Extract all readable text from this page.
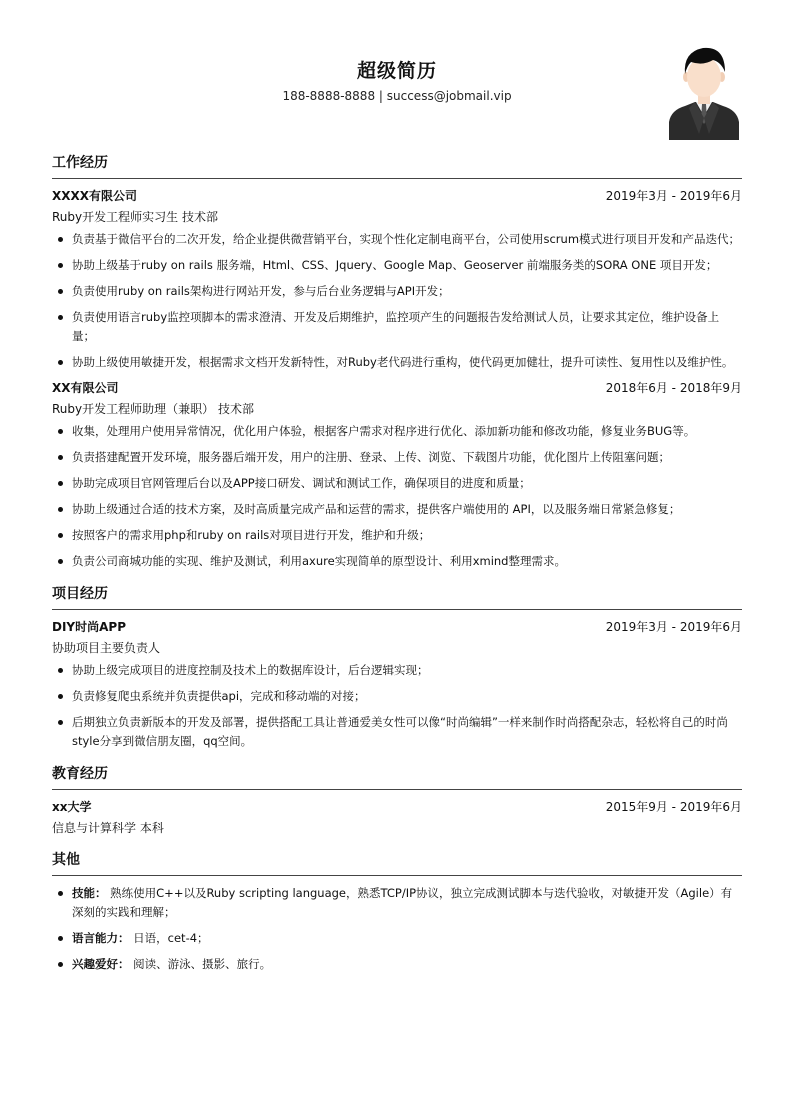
超级简历
188-8888-8888 | success@jobmail.vip
工作经历
XXXX有限公司	2019年3月 - 2019年6月
Ruby开发工程师实习生 技术部
负责基于微信平台的二次开发，给企业提供微营销平台，实现个性化定制电商平台，公司使用scrum模式进行项目开发和产品迭代；
协助上级基于ruby on rails 服务端，Html、CSS、Jquery、Google Map、Geoserver 前端服务类的SORA ONE 项目开发；
负责使用ruby on rails架构进行网站开发，参与后台业务逻辑与API开发；
负责使用语言ruby监控项脚本的需求澄清、开发及后期维护，监控项产生的问题报告发给测试人员，让要求其定位，维护设备上量；
协助上级使用敏捷开发，根据需求文档开发新特性，对Ruby老代码进行重构，使代码更加健壮，提升可读性、复用性以及维护性。
XX有限公司	2018年6月 - 2018年9月
Ruby开发工程师助理（兼职） 技术部
收集，处理用户使用异常情况，优化用户体验，根据客户需求对程序进行优化、添加新功能和修改功能，修复业务BUG等。
负责搭建配置开发环境，服务器后端开发，用户的注册、登录、上传、浏览、下载图片功能，优化图片上传阻塞问题；
协助完成项目官网管理后台以及APP接口研发、调试和测试工作，确保项目的进度和质量；
协助上级通过合适的技术方案，及时高质量完成产品和运营的需求，提供客户端使用的 API，以及服务端日常紧急修复；
按照客户的需求用php和ruby on rails对项目进行开发，维护和升级；
负责公司商城功能的实现、维护及测试，利用axure实现简单的原型设计、利用xmind整理需求。
项目经历
DIY时尚APP	2019年3月 - 2019年6月
协助项目主要负责人
协助上级完成项目的进度控制及技术上的数据库设计，后台逻辑实现；
负责修复爬虫系统并负责提供api，完成和移动端的对接；
后期独立负责新版本的开发及部署，提供搭配工具让普通爱美女性可以像“时尚编辑”一样来制作时尚搭配杂志，轻松将自己的时尚style分享到微信朋友圈，qq空间。
教育经历
xx大学	2015年9月 - 2019年6月
信息与计算科学 本科
其他
技能： 熟练使用C++以及Ruby scripting language，熟悉TCP/IP协议，独立完成测试脚本与迭代验收，对敏捷开发（Agile）有深刻的实践和理解；
语言能力： 日语，cet-4；
兴趣爱好： 阅读、游泳、摄影、旅行。
